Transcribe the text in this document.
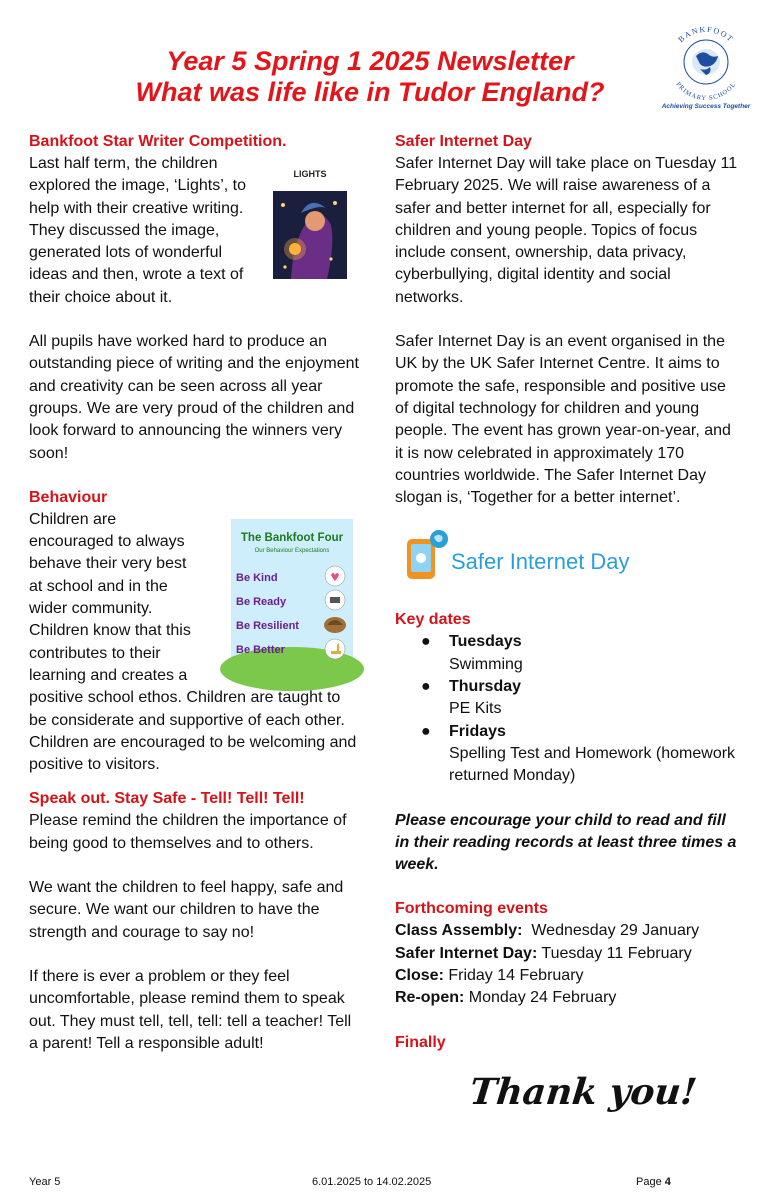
Year 5 Spring 1 2025 Newsletter
What was life like in Tudor England?
BANKFOOT
PRIMARY SCHOOL
Achieving Success Together
Bankfoot Star Writer Competition.
LIGHTS

Last half term, the children explored the image, ‘Lights’, to help with their creative writing. They discussed the image, generated lots of wonderful ideas and then, wrote a text of their choice about it.

All pupils have worked hard to produce an outstanding piece of writing and the enjoyment and creativity can be seen across all year groups. We are very proud of the children and look forward to announcing the winners very soon!

Behaviour
The Bankfoot Four
Our Behaviour Expectations
Be Kind
Be Ready
Be Resilient
Be Better

Children are encouraged to always behave their very best at school and in the wider community. Children know that this contributes to their learning and creates a positive school ethos. Children are taught to be considerate and supportive of each other. Children are encouraged to be welcoming and positive to visitors.

Speak out. Stay Safe - Tell! Tell! Tell!

Please remind the children the importance of being good to themselves and to others.

We want the children to feel happy, safe and secure. We want our children to have the strength and courage to say no!

If there is ever a problem or they feel uncomfortable, please remind them to speak out. They must tell, tell, tell: tell a teacher! Tell a parent! Tell a responsible adult!

Safer Internet Day

Safer Internet Day will take place on Tuesday 11 February 2025. We will raise awareness of a safer and better internet for all, especially for children and young people. Topics of focus include consent, ownership, data privacy, cyberbullying, digital identity and social networks.

Safer Internet Day is an event organised in the UK by the UK Safer Internet Centre. It aims to promote the safe, responsible and positive use of digital technology for children and young people. The event has grown year-on-year, and it is now celebrated in approximately 170 countries worldwide. The Safer Internet Day slogan is, ‘Together for a better internet’.

Safer Internet Day
Key dates
● Tuesdays
Swimming
● Thursday
PE Kits
● Fridays
Spelling Test and Homework (homework returned Monday)

Please encourage your child to read and fill in their reading records at least three times a week.

Forthcoming events
Class Assembly:  Wednesday 29 January
Safer Internet Day: Tuesday 11 February
Close: Friday 14 February
Re-open: Monday 24 February
Finally
Thank you!
Year 5	6.01.2025 to 14.02.2025	Page 4
